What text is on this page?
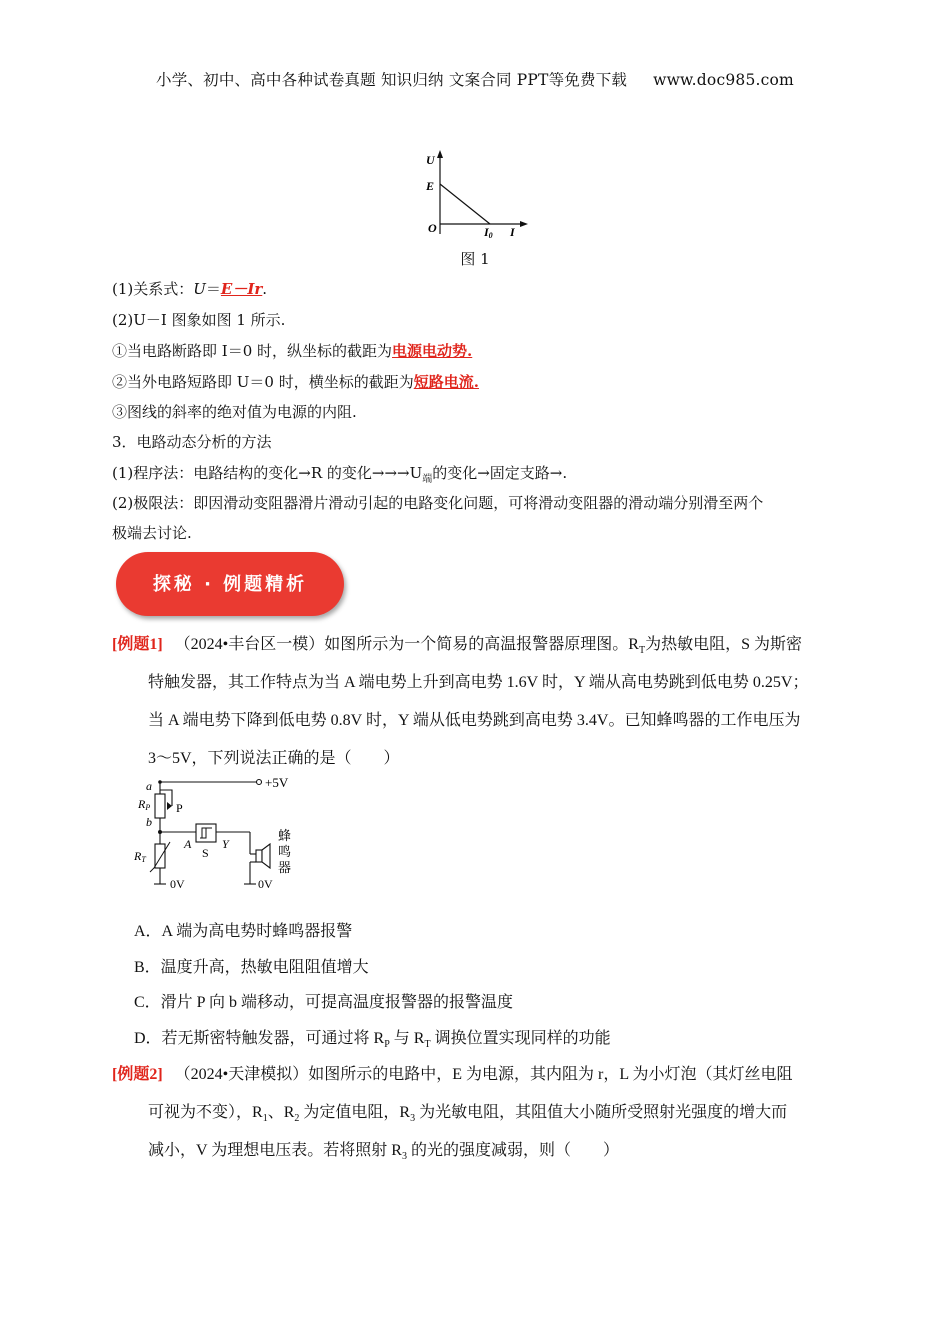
小学、初中、高中各种试卷真题 知识归纳 文案合同 PPT等免费下载 www.doc985.com
U
E
O	I0 I
图 1
(1)关系式：U＝E－Ir.
(2)U－I 图象如图 1 所示.
①当电路断路即 I＝0 时，纵坐标的截距为电源电动势.
②当外电路短路即 U＝0 时，横坐标的截距为短路电流.
③图线的斜率的绝对值为电源的内阻.
3．电路动态分析的方法
(1)程序法：电路结构的变化→R 的变化$\to\to\to U_端$的变化→固定支路→.
(2)极限法：即因滑动变阻器滑片滑动引起的电路变化问题，可将滑动变阻器的滑动端分别滑至两个
极端去讨论.
探秘 · 例题精析
[例题1] （2024•丰台区一模）如图所示为一个简易的高温报警器原理图。$R_T$为热敏电阻，S 为斯密
特触发器，其工作特点为当 A 端电势上升到高电势 1.6V 时，Y 端从高电势跳到低电势 0.25V；
当 A 端电势下降到低电势 0.8V 时，Y 端从低电势跳到高电势 3.4V。已知蜂鸣器的工作电压为
3～5V，下列说法正确的是（　　）
+5V
a
RP P
b
A
S
Y
0V
蜂
鸣
器
RT
0V
A．A 端为高电势时蜂鸣器报警
B．温度升高，热敏电阻阻值增大
C．滑片 P 向 b 端移动，可提高温度报警器的报警温度
D．若无斯密特触发器，可通过将 $R_P$ 与 $R_T$ 调换位置实现同样的功能
[例题2] （2024•天津模拟）如图所示的电路中，E 为电源，其内阻为 r，L 为小灯泡（其灯丝电阻
可视为不变），$R_1$、$R_2$ 为定值电阻，$R_3$ 为光敏电阻，其阻值大小随所受照射光强度的增大而
减小，V 为理想电压表。若将照射 $R_3$ 的光的强度减弱，则（　　）
